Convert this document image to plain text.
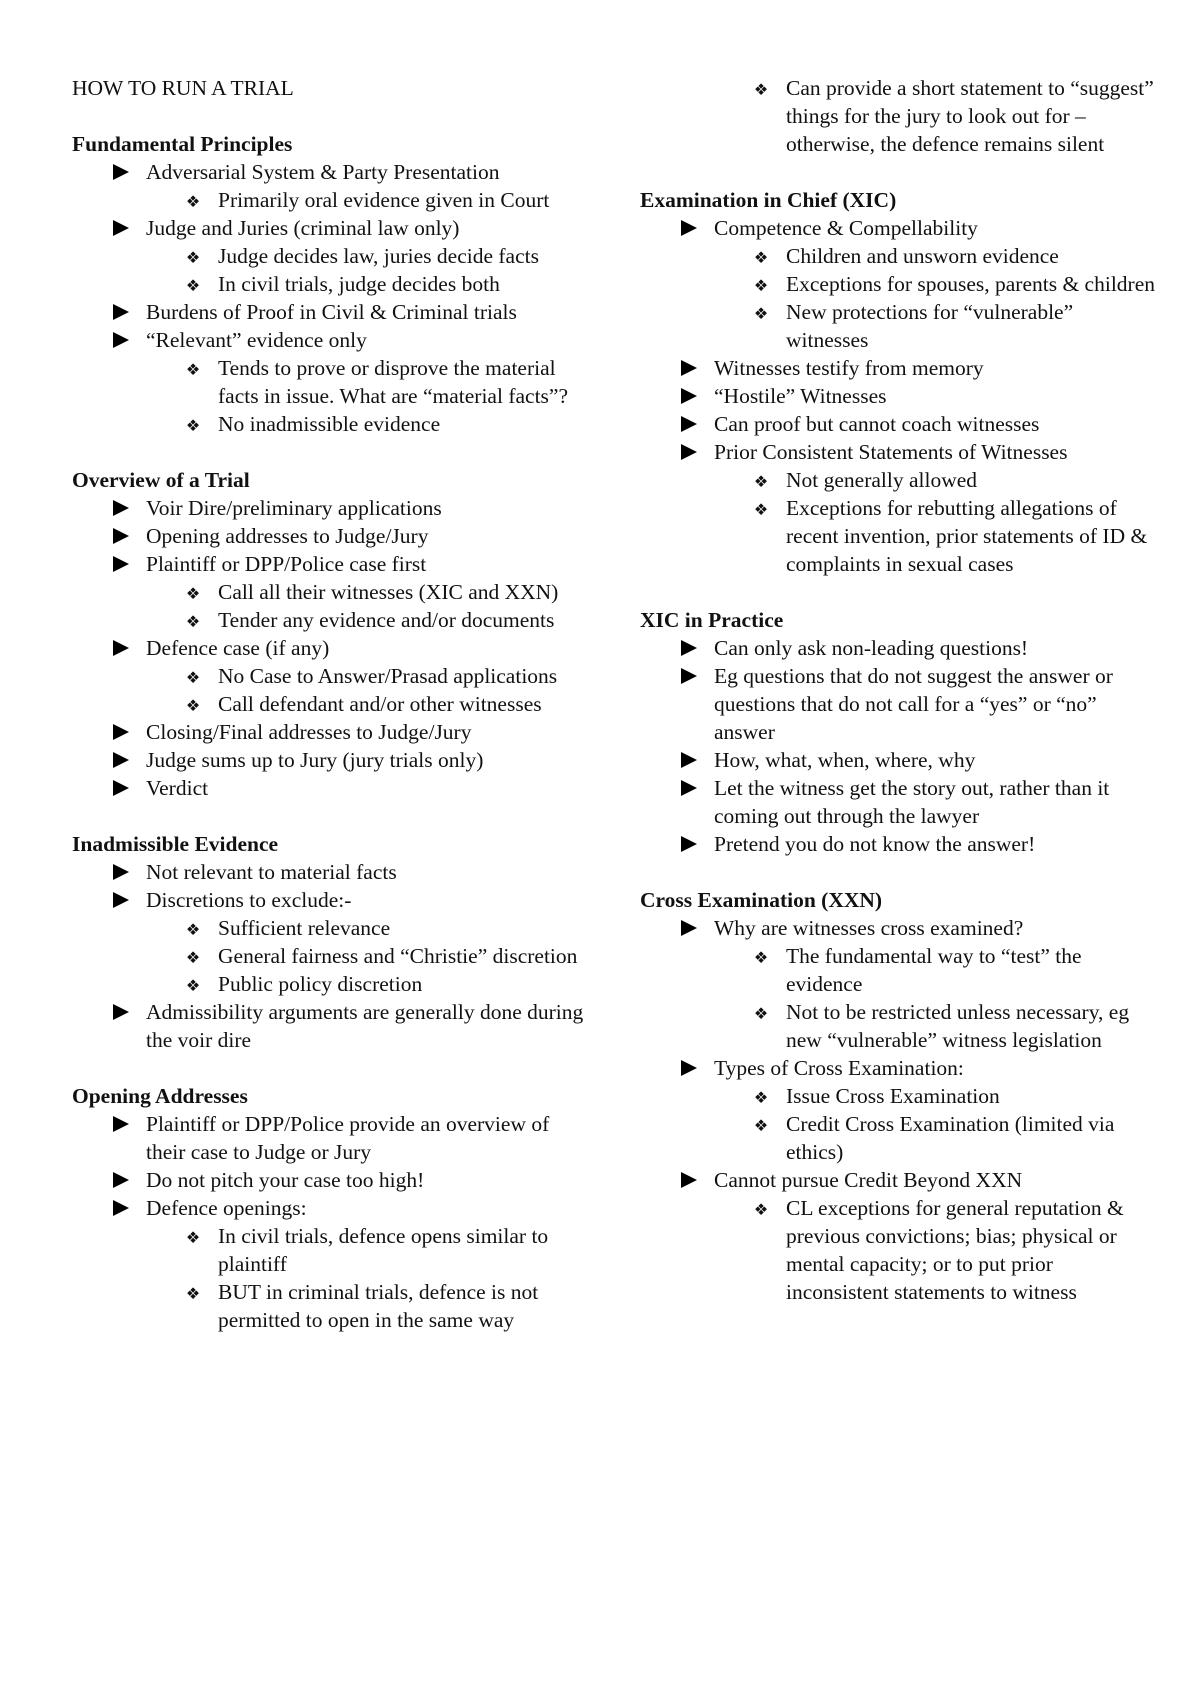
HOW TO RUN A TRIAL
Fundamental Principles
Adversarial System & Party Presentation
❖ Primarily oral evidence given in Court
Judge and Juries (criminal law only)
❖ Judge decides law, juries decide facts
❖ In civil trials, judge decides both
Burdens of Proof in Civil & Criminal trials
“Relevant” evidence only
❖ Tends to prove or disprove the material facts in issue. What are “material facts”?
❖ No inadmissible evidence
Overview of a Trial
Voir Dire/preliminary applications
Opening addresses to Judge/Jury
Plaintiff or DPP/Police case first
❖ Call all their witnesses (XIC and XXN)
❖ Tender any evidence and/or documents
Defence case (if any)
❖ No Case to Answer/Prasad applications
❖ Call defendant and/or other witnesses
Closing/Final addresses to Judge/Jury
Judge sums up to Jury (jury trials only)
Verdict
Inadmissible Evidence
Not relevant to material facts
Discretions to exclude:-
❖ Sufficient relevance
❖ General fairness and “Christie” discretion
❖ Public policy discretion
Admissibility arguments are generally done during the voir dire
Opening Addresses
Plaintiff or DPP/Police provide an overview of their case to Judge or Jury
Do not pitch your case too high!
Defence openings:
❖ In civil trials, defence opens similar to plaintiff
❖ BUT in criminal trials, defence is not permitted to open in the same way
❖ Can provide a short statement to “suggest” things for the jury to look out for – otherwise, the defence remains silent
Examination in Chief (XIC)
Competence & Compellability
❖ Children and unsworn evidence
❖ Exceptions for spouses, parents & children
❖ New protections for “vulnerable” witnesses
Witnesses testify from memory
“Hostile” Witnesses
Can proof but cannot coach witnesses
Prior Consistent Statements of Witnesses
❖ Not generally allowed
❖ Exceptions for rebutting allegations of recent invention, prior statements of ID & complaints in sexual cases
XIC in Practice
Can only ask non-leading questions!
Eg questions that do not suggest the answer or questions that do not call for a “yes” or “no” answer
How, what, when, where, why
Let the witness get the story out, rather than it coming out through the lawyer
Pretend you do not know the answer!
Cross Examination (XXN)
Why are witnesses cross examined?
❖ The fundamental way to “test” the evidence
❖ Not to be restricted unless necessary, eg new “vulnerable” witness legislation
Types of Cross Examination:
❖ Issue Cross Examination
❖ Credit Cross Examination (limited via ethics)
Cannot pursue Credit Beyond XXN
❖ CL exceptions for general reputation & previous convictions; bias; physical or mental capacity; or to put prior inconsistent statements to witness
